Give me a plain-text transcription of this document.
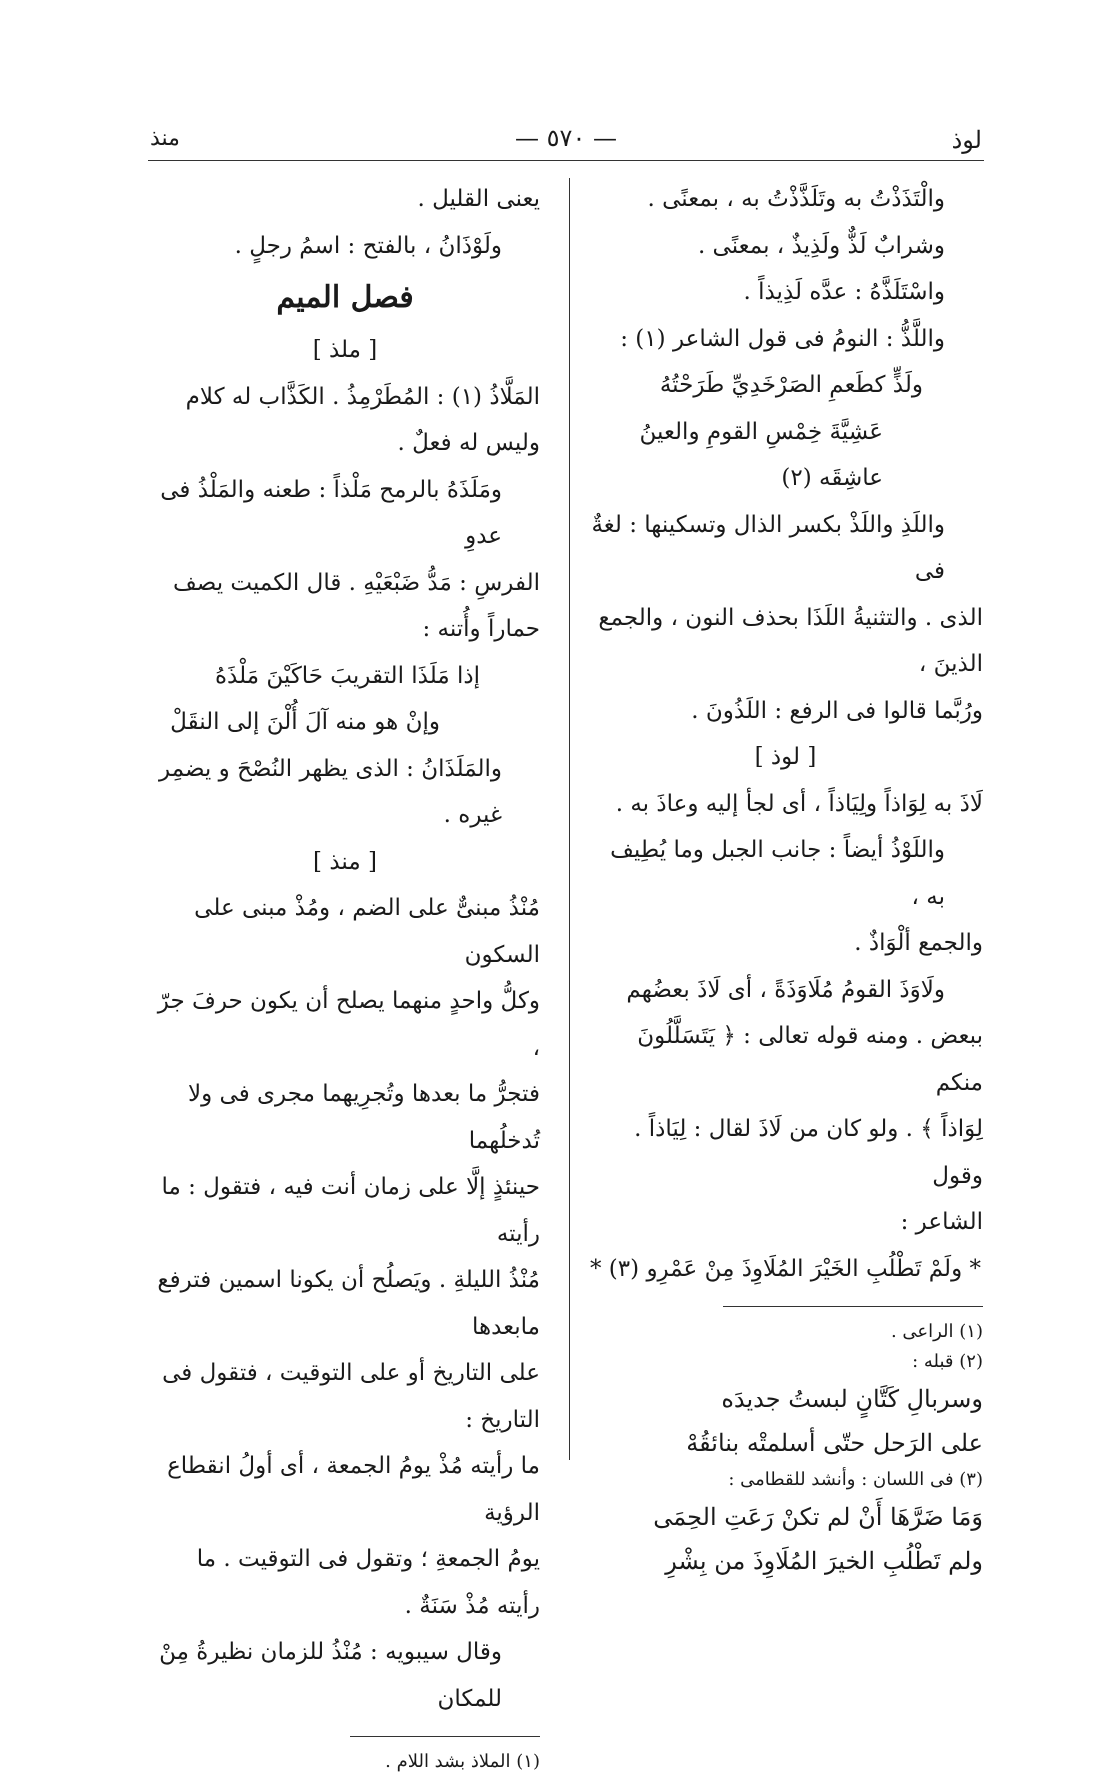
لوذ
— ٥٧٠ —
منذ

والْتَذَذْتُ به وتَلَذَّذْتُ به ، بمعنًى .

وشرابٌ لَذٌّ ولَذِيذٌ ، بمعنًى .

واسْتَلَذَّهُ : عدَّه لَذِيذاً .

واللَّذُّ : النومُ فى قول الشاعر (١) :

ولَذٍّ كطَعمِ الصَرْخَدِيِّ طَرَحْتُهُ

عَشِيَّةَ خِمْسِ القومِ والعينُ عاشِقَه (٢)

واللَذِ واللَذْ بكسر الذال وتسكينها : لغةٌ فى

الذى . والتثنيةُ اللَذَا بحذف النون ، والجمع الذينَ ،

ورُبَّما قالوا فى الرفع : اللَذُونَ .

[ لوذ ]

لَاذَ به لِوَاذاً ولِيَاذاً ، أى لجأ إليه وعاذَ به .

واللَوْذُ أيضاً : جانب الجبل وما يُطِيف به ،

والجمع ألْوَاذٌ .

ولَاوَذَ القومُ مُلَاوَذَةً ، أى لَاذَ بعضُهم

ببعض . ومنه قوله تعالى : ﴿ يَتَسَلَّلُونَ منكم

لِوَاذاً ﴾ . ولو كان من لَاذَ لقال : لِيَاذاً . وقول

الشاعر :

* ولَمْ تَطْلُبِ الخَيْرَ المُلَاوِذَ مِنْ عَمْرِو (٣) *

(١) الراعى .

(٢) قبله :

وسربالِ كَتَّانٍ لبستُ جديدَه

على الرَحل حتّى أسلمتْه بنائقُهْ

(٣) فى اللسان : وأنشد للقطامى :

وَمَا ضَرَّهَا أَنْ لم تكنْ رَعَتِ الحِمَى

ولم تَطْلُبِ الخيرَ المُلَاوِذَ من بِشْرِ

يعنى القليل .

ولَوْذَانُ ، بالفتح : اسمُ رجلٍ .

فصل الميم

[ ملذ ]

المَلَّاذُ (١) : المُطَرْمِذُ . الكَذَّاب له كلام

وليس له فعلٌ .

ومَلَذَهُ بالرمح مَلْذاً : طعنه والمَلْذُ فى عدوِ

الفرسِ : مَدُّ ضَبْعَيْهِ . قال الكميت يصف

حماراً وأُتنه :

إذا مَلَذَا التقريبَ حَاكَيْنَ مَلْذَهُ

وإنْ هو منه آلَ أُلْنَ إلى النقَلْ

والمَلَذَانُ : الذى يظهر النُصْحَ و يضمِر غيره .

[ منذ ]

مُنْذُ مبنىٌّ على الضم ، ومُذْ مبنى على السكون

وكلُّ واحدٍ منهما يصلح أن يكون حرفَ جرّ ،

فتجرُّ ما بعدها وتُجرِيهما مجرى فى ولا تُدخلُهما

حينئذٍ إلَّا على زمان أنت فيه ، فتقول : ما رأيته

مُنْذُ الليلةِ . ويَصلُح أن يكونا اسمين فترفع مابعدها

على التاريخ أو على التوقيت ، فتقول فى التاريخ :

ما رأيته مُذْ يومُ الجمعة ، أى أولُ انقطاع الرؤية

يومُ الجمعةِ ؛ وتقول فى التوقيت . ما رأيته مُذْ سَنَةٌ .

وقال سيبويه : مُنْذُ للزمان نظيرةُ مِنْ للمكان

(١) الملاذ بشد اللام .
